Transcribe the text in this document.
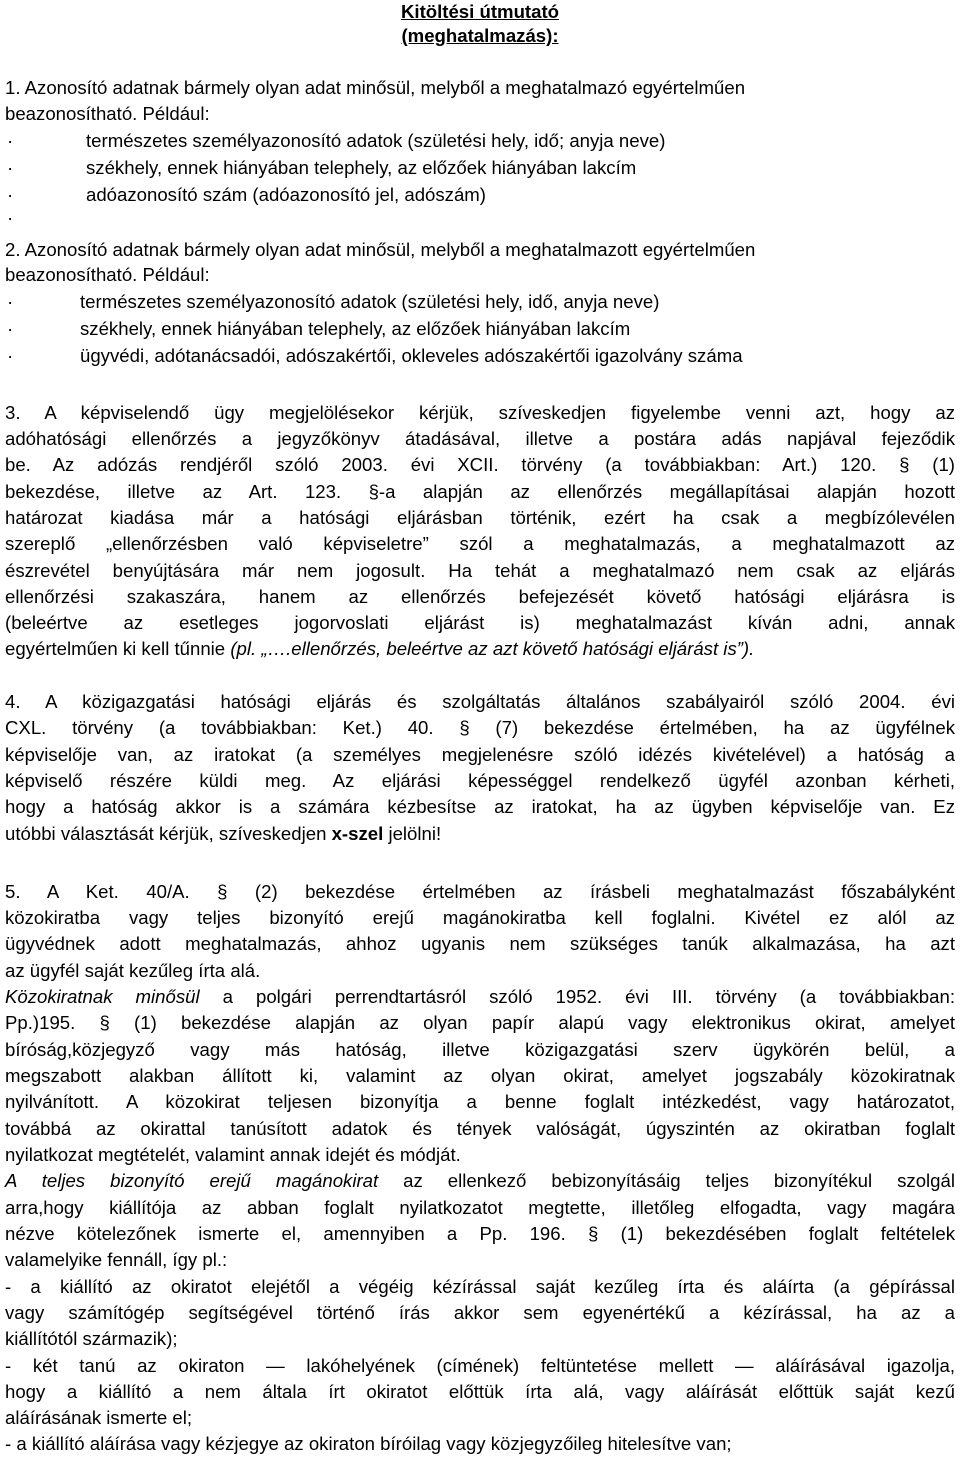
Kitöltési útmutató
(meghatalmazás):
1. Azonosító adatnak bármely olyan adat minősül, melyből a meghatalmazó egyértelműen
beazonosítható. Például:
·	természetes személyazonosító adatok (születési hely, idő; anyja neve)
·	székhely, ennek hiányában telephely, az előzőek hiányában lakcím
·	adóazonosító szám (adóazonosító jel, adószám)
·
2. Azonosító adatnak bármely olyan adat minősül, melyből a meghatalmazott egyértelműen
beazonosítható. Például:
·	természetes személyazonosító adatok (születési hely, idő, anyja neve)
·	székhely, ennek hiányában telephely, az előzőek hiányában lakcím
·	ügyvédi, adótanácsadói, adószakértői, okleveles adószakértői igazolvány száma
3. A képviselendő ügy megjelölésekor kérjük, szíveskedjen figyelembe venni azt, hogy az
adóhatósági ellenőrzés a jegyzőkönyv átadásával, illetve a postára adás napjával fejeződik
be. Az adózás rendjéről szóló 2003. évi XCII. törvény (a továbbiakban: Art.) 120. § (1)
bekezdése, illetve az Art. 123. §-a alapján az ellenőrzés megállapításai alapján hozott
határozat kiadása már a hatósági eljárásban történik, ezért ha csak a megbízólevélen
szereplő „ellenőrzésben való képviseletre” szól a meghatalmazás, a meghatalmazott az
észrevétel benyújtására már nem jogosult. Ha tehát a meghatalmazó nem csak az eljárás
ellenőrzési szakaszára, hanem az ellenőrzés befejezését követő hatósági eljárásra is
(beleértve az esetleges jogorvoslati eljárást is) meghatalmazást kíván adni, annak
egyértelműen ki kell tűnnie (pl. „….ellenőrzés, beleértve az azt követő hatósági eljárást is”).
4. A közigazgatási hatósági eljárás és szolgáltatás általános szabályairól szóló 2004. évi
CXL. törvény (a továbbiakban: Ket.) 40. § (7) bekezdése értelmében, ha az ügyfélnek
képviselője van, az iratokat (a személyes megjelenésre szóló idézés kivételével) a hatóság a
képviselő részére küldi meg. Az eljárási képességgel rendelkező ügyfél azonban kérheti,
hogy a hatóság akkor is a számára kézbesítse az iratokat, ha az ügyben képviselője van. Ez
utóbbi választását kérjük, szíveskedjen x-szel jelölni!
5. A Ket. 40/A. § (2) bekezdése értelmében az írásbeli meghatalmazást főszabályként
közokiratba vagy teljes bizonyító erejű magánokiratba kell foglalni. Kivétel ez alól az
ügyvédnek adott meghatalmazás, ahhoz ugyanis nem szükséges tanúk alkalmazása, ha azt
az ügyfél saját kezűleg írta alá.
Közokiratnak minősül a polgári perrendtartásról szóló 1952. évi III. törvény (a továbbiakban:
Pp.)195. § (1) bekezdése alapján az olyan papír alapú vagy elektronikus okirat, amelyet
bíróság,közjegyző vagy más hatóság, illetve közigazgatási szerv ügykörén belül, a
megszabott alakban állított ki, valamint az olyan okirat, amelyet jogszabály közokiratnak
nyilvánított. A közokirat teljesen bizonyítja a benne foglalt intézkedést, vagy határozatot,
továbbá az okirattal tanúsított adatok és tények valóságát, úgyszintén az okiratban foglalt
nyilatkozat megtételét, valamint annak idejét és módját.
A teljes bizonyító erejű magánokirat az ellenkező bebizonyításáig teljes bizonyítékul szolgál
arra,hogy kiállítója az abban foglalt nyilatkozatot megtette, illetőleg elfogadta, vagy magára
nézve kötelezőnek ismerte el, amennyiben a Pp. 196. § (1) bekezdésében foglalt feltételek
valamelyike fennáll, így pl.:
- a kiállító az okiratot elejétől a végéig kézírással saját kezűleg írta és aláírta (a gépírással
vagy számítógép segítségével történő írás akkor sem egyenértékű a kézírással, ha az a
kiállítótól származik);
- két tanú az okiraton — lakóhelyének (címének) feltüntetése mellett — aláírásával igazolja,
hogy a kiállító a nem általa írt okiratot előttük írta alá, vagy aláírását előttük saját kezű
aláírásának ismerte el;
- a kiállító aláírása vagy kézjegye az okiraton bíróilag vagy közjegyzőileg hitelesítve van;
